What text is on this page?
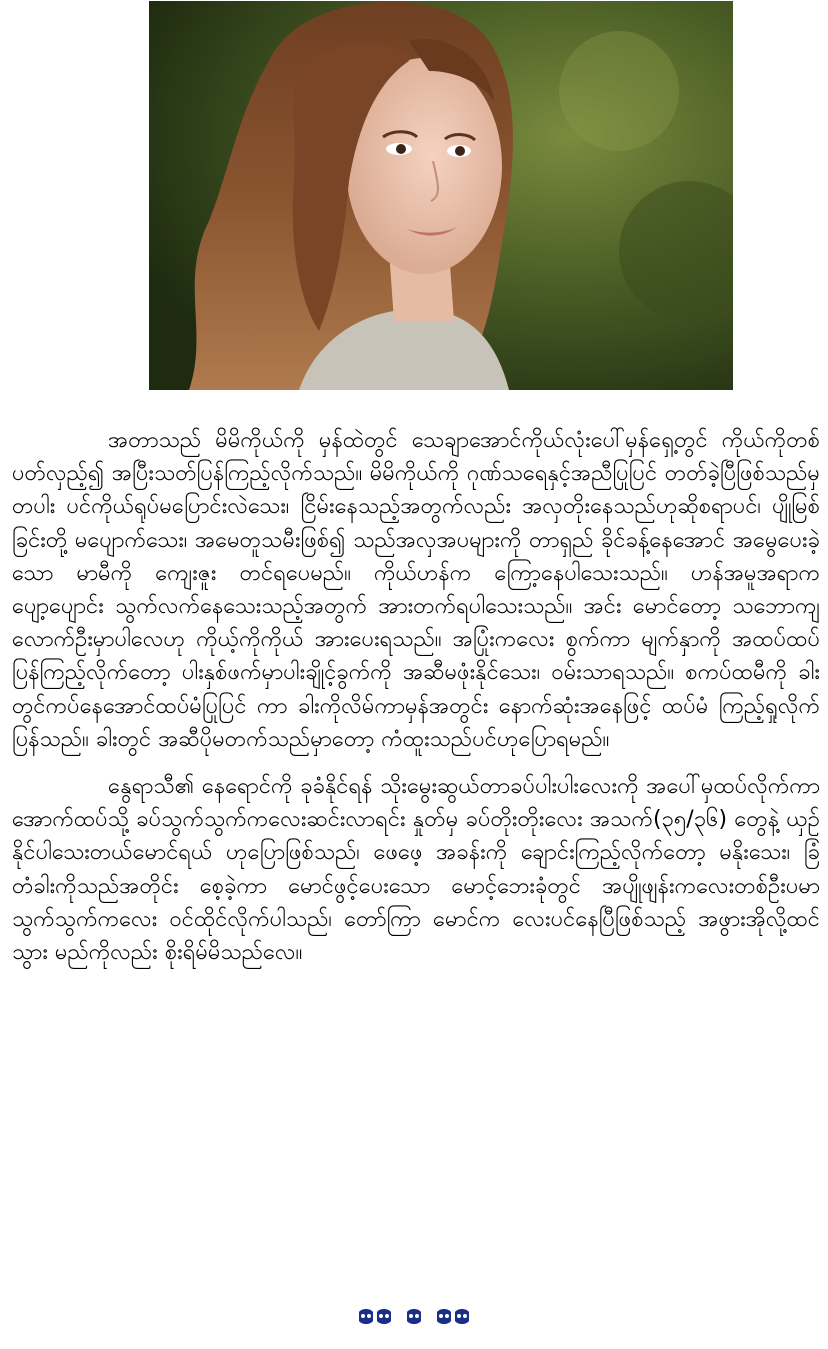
အတာသည် မိမိကိုယ်ကို မှန်ထဲတွင် သေချာအောင်ကိုယ်လုံးပေါ်မှန်ရှေ့တွင် ကိုယ်ကိုတစ်ပတ်လှည့်၍ အပြီးသတ်ပြန်ကြည့်လိုက်သည်။ မိမိကိုယ်ကို ဂုဏ်သရေနှင့်အညီပြုပြင် တတ်ခဲ့ပြီဖြစ်သည်မှတပါး ပင်ကိုယ်ရုပ်မပြောင်းလဲသေး၊ ငြိမ်းနေသည့်အတွက်လည်း အလှတိုးနေသည်ဟုဆိုစရာပင်၊ ပျိုမြစ်ခြင်းတို့ မပျောက်သေး၊ အမေတူသမီးဖြစ်၍ သည်အလှအပများကို တာရှည် ခိုင်ခန့်နေအောင် အမွေပေးခဲ့သော မာမီကို ကျေးဇူး တင်ရပေမည်။ ကိုယ်ဟန်က ကြော့နေပါသေးသည်။ ဟန်အမူအရာက ပျော့ပျောင်း သွက်လက်နေသေးသည့်အတွက် အားတက်ရပါသေးသည်။ အင်း မောင်တော့ သဘောကျလောက်ဦးမှာပါလေဟု ကိုယ့်ကိုကိုယ် အားပေးရသည်။ အပြုံးကလေး စွက်ကာ မျက်နှာကို အထပ်ထပ်ပြန်ကြည့်လိုက်တော့ ပါးနှစ်ဖက်မှာပါးချိုင့်ခွက်ကို အဆီမဖုံးနိုင်သေး၊ ဝမ်းသာရသည်။ စကပ်ထမီကို ခါးတွင်ကပ်နေအောင်ထပ်မံပြုပြင် ကာ ခါးကိုလိမ်ကာမှန်အတွင်း နောက်ဆုံးအနေဖြင့် ထပ်မံ ကြည့်ရှုလိုက်ပြန်သည်။ ခါးတွင် အဆီပိုမတက်သည်မှာတော့ ကံထူးသည်ပင်ဟုပြောရမည်။

နွေရာသီ၏ နေရောင်ကို ခုခံနိုင်ရန် သိုးမွေးဆွယ်တာခပ်ပါးပါးလေးကို အပေါ်မှထပ်လိုက်ကာ အောက်ထပ်သို့ ခပ်သွက်သွက်ကလေးဆင်းလာရင်း နှုတ်မှ ခပ်တိုးတိုးလေး အသက်(၃၅/၃၆) တွေနဲ့ ယှဉ်နိုင်ပါသေးတယ်မောင်ရယ် ဟုပြောဖြစ်သည်၊ ဖေဖေ့ အခန်းကို ချောင်းကြည့်လိုက်တော့ မနိုးသေး၊ ခြံတံခါးကိုသည်အတိုင်း စေ့ခဲ့ကာ မောင်ဖွင့်ပေးသော မောင့်ဘေးခုံတွင် အပျိုဖျန်းကလေးတစ်ဦးပမာ သွက်သွက်ကလေး ဝင်ထိုင်လိုက်ပါသည်၊ တော်ကြာ မောင်က လေးပင်နေပြီဖြစ်သည့် အဖွားအိုလို့ထင်သွား မည်ကိုလည်း စိုးရိမ်မိသည်လေ။
